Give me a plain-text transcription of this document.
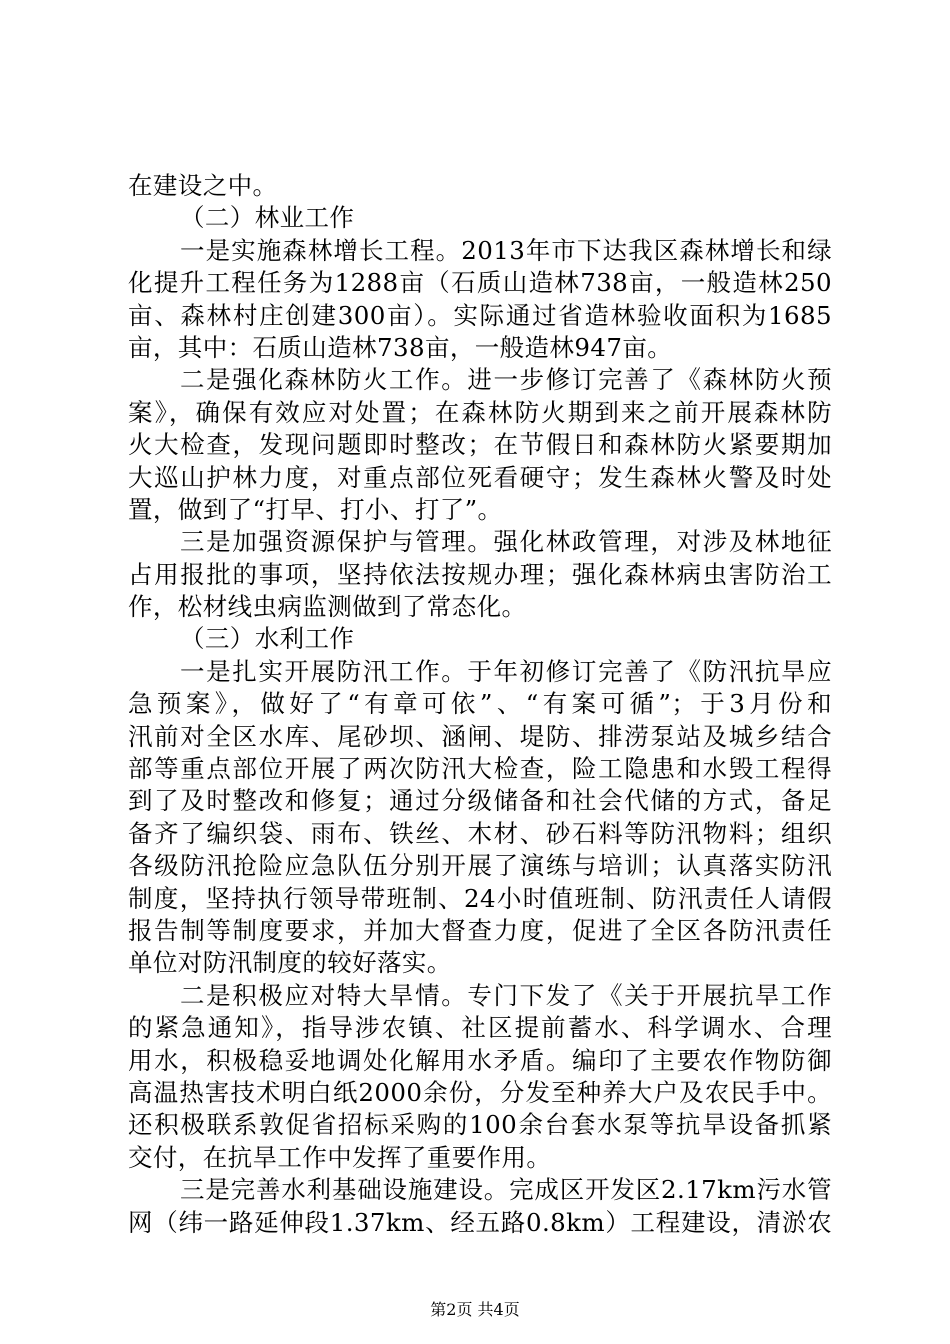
在建设之中。
（二）林业工作
一是实施森林增长工程。2013年市下达我区森林增长和绿
化提升工程任务为1288亩（石质山造林738亩，一般造林250
亩、森林村庄创建300亩）。实际通过省造林验收面积为1685
亩，其中：石质山造林738亩，一般造林947亩。
二是强化森林防火工作。进一步修订完善了《森林防火预
案》，确保有效应对处置；在森林防火期到来之前开展森林防
火大检查，发现问题即时整改；在节假日和森林防火紧要期加
大巡山护林力度，对重点部位死看硬守；发生森林火警及时处
置，做到了“打早、打小、打了”。
三是加强资源保护与管理。强化林政管理，对涉及林地征
占用报批的事项，坚持依法按规办理；强化森林病虫害防治工
作，松材线虫病监测做到了常态化。
（三）水利工作
一是扎实开展防汛工作。于年初修订完善了《防汛抗旱应
急预案》，做好了“有章可依”、“有案可循”；于3月份和
汛前对全区水库、尾砂坝、涵闸、堤防、排涝泵站及城乡结合
部等重点部位开展了两次防汛大检查，险工隐患和水毁工程得
到了及时整改和修复；通过分级储备和社会代储的方式，备足
备齐了编织袋、雨布、铁丝、木材、砂石料等防汛物料；组织
各级防汛抢险应急队伍分别开展了演练与培训；认真落实防汛
制度，坚持执行领导带班制、24小时值班制、防汛责任人请假
报告制等制度要求，并加大督查力度，促进了全区各防汛责任
单位对防汛制度的较好落实。
二是积极应对特大旱情。专门下发了《关于开展抗旱工作
的紧急通知》，指导涉农镇、社区提前蓄水、科学调水、合理
用水，积极稳妥地调处化解用水矛盾。编印了主要农作物防御
高温热害技术明白纸2000余份，分发至种养大户及农民手中。
还积极联系敦促省招标采购的100余台套水泵等抗旱设备抓紧
交付，在抗旱工作中发挥了重要作用。
三是完善水利基础设施建设。完成区开发区2.17km污水管
网（纬一路延伸段1.37km、经五路0.8km）工程建设，清淤农
第2页 共4页
